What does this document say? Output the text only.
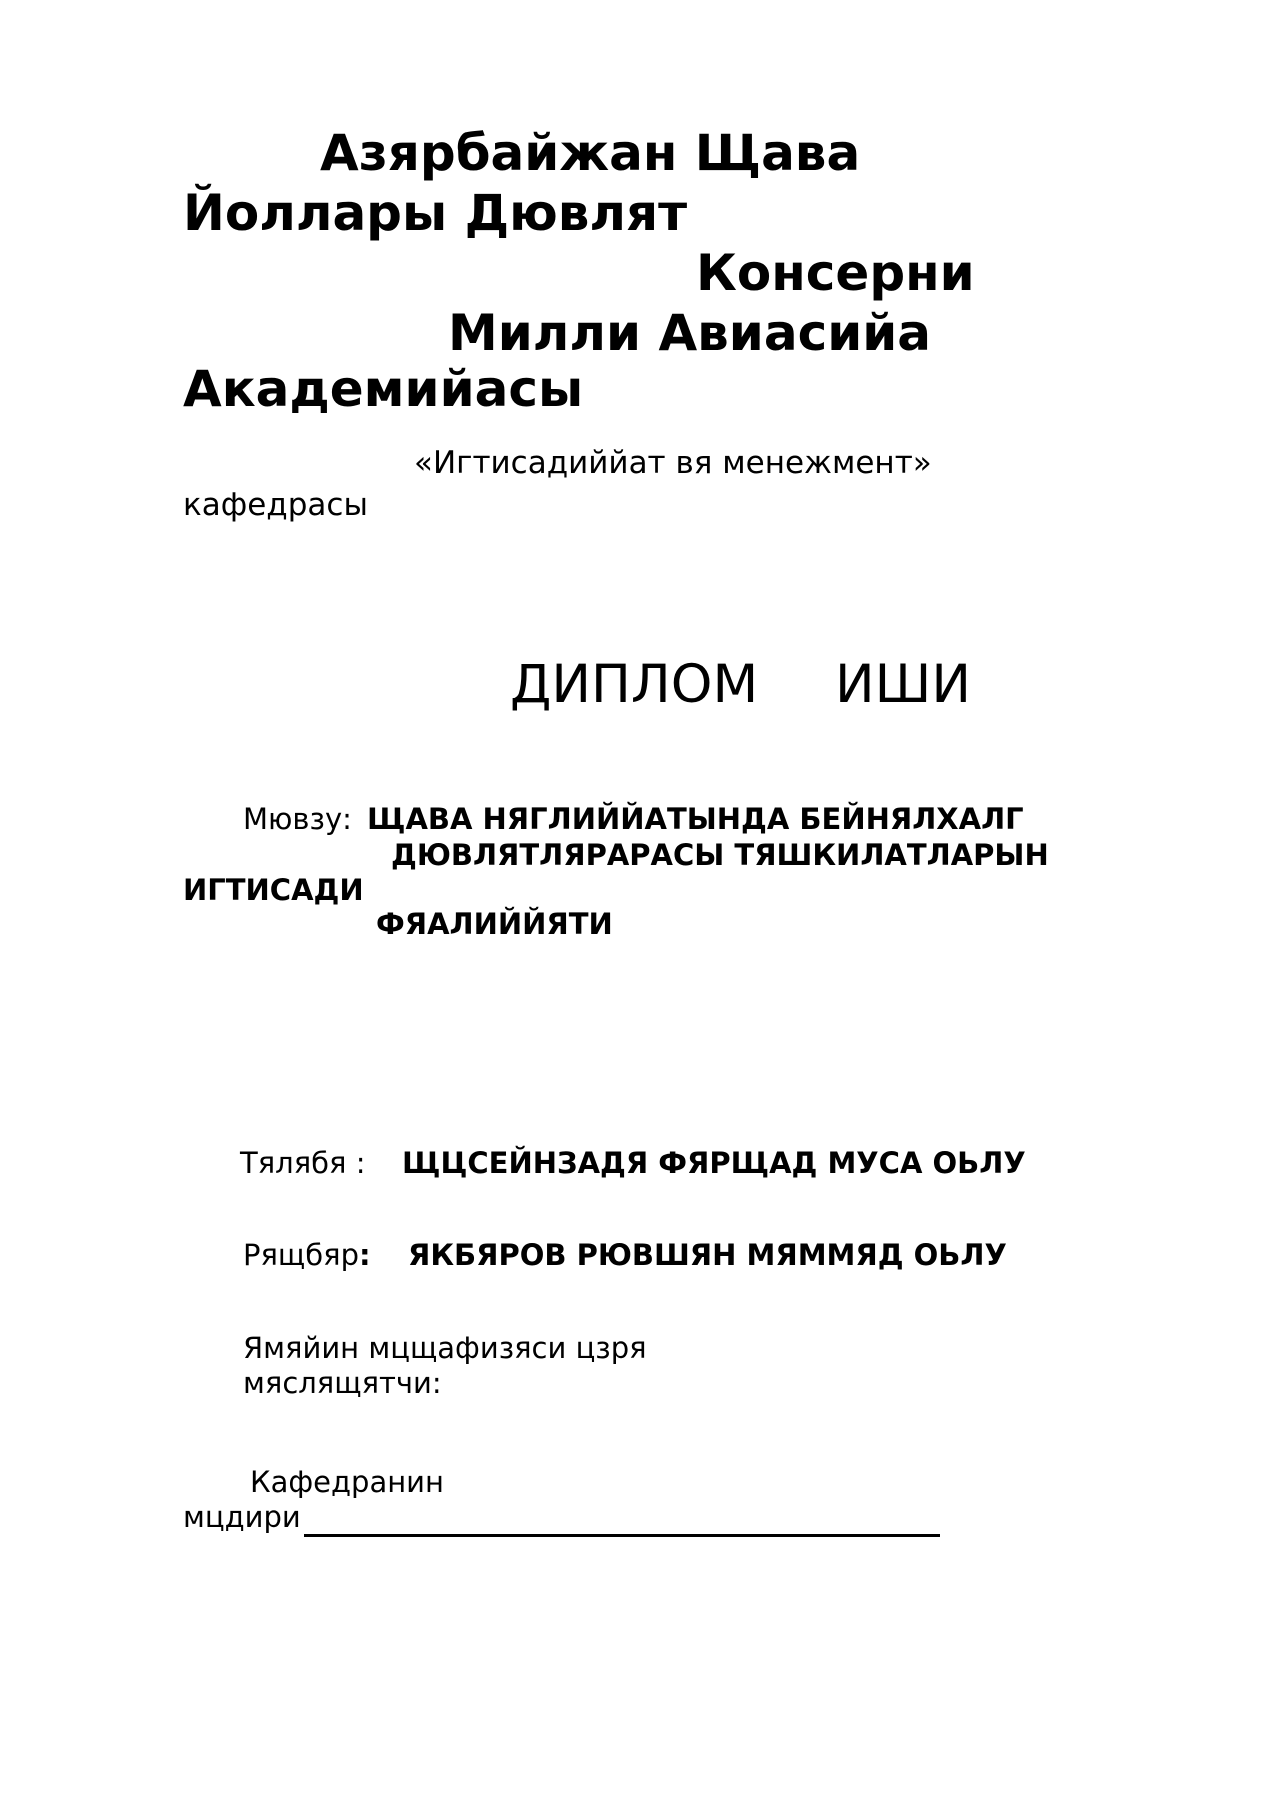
Азярбайжан Щава
Йоллары Дювлят
Консерни
Милли Авиасийа
Академийасы
«Игтисадиййат вя менежмент»
кафедрасы
ДИПЛОМ ИШИ
Мювзу: ЩАВА НЯГЛИЙЙАТЫНДА БЕЙНЯЛХАЛГ
ДЮВЛЯТЛЯРАРАСЫ ТЯШКИЛАТЛАРЫН
ИГТИСАДИ
ФЯАЛИЙЙЯТИ
Тялябя : ЩЦСЕЙНЗАДЯ ФЯРЩАД МУСА ОЬЛУ
Рящбяр: ЯКБЯРОВ РЮВШЯН МЯММЯД ОЬЛУ
Ямяйин мцщафизяси цзря
мяслящятчи:
Кафедранин
мцдири
